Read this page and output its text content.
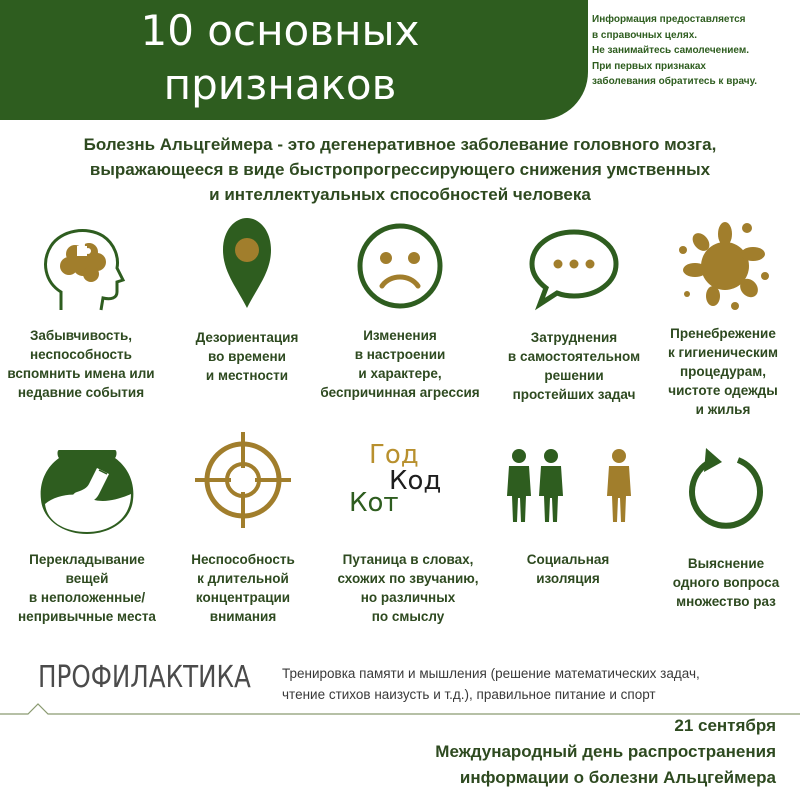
10 основных
признаков
Информация предоставляется
в справочных целях.
Не занимайтесь самолечением.
При первых признаках
заболевания обратитесь к врачу.
Болезнь Альцгеймера - это дегенеративное заболевание головного мозга,
выражающееся в виде быстропрогрессирующего снижения умственных
и интеллектуальных способностей человека
Забывчивость,
неспособность
вспомнить имена или
недавние события
Дезориентация
во времени
и местности
Изменения
в настроении
и характере,
беспричинная агрессия
Затруднения
в самостоятельном
решении
простейших задач
Пренебрежение
к гигиеническим
процедурам,
чистоте одежды
и жилья
Перекладывание
вещей
в неположенные/
непривычные места
Неспособность
к длительной
концентрации
внимания
Год
Код
Кот
Путаница в словах,
схожих по звучанию,
но различных
по смыслу
Социальная
изоляция
Выяснение
одного вопроса
множество раз
ПРОФИЛАКТИКА Тренировка памяти и мышления (решение математических задач,
чтение стихов наизусть и т.д.), правильное питание и спорт
21 сентября
Международный день распространения
информации о болезни Альцгеймера
